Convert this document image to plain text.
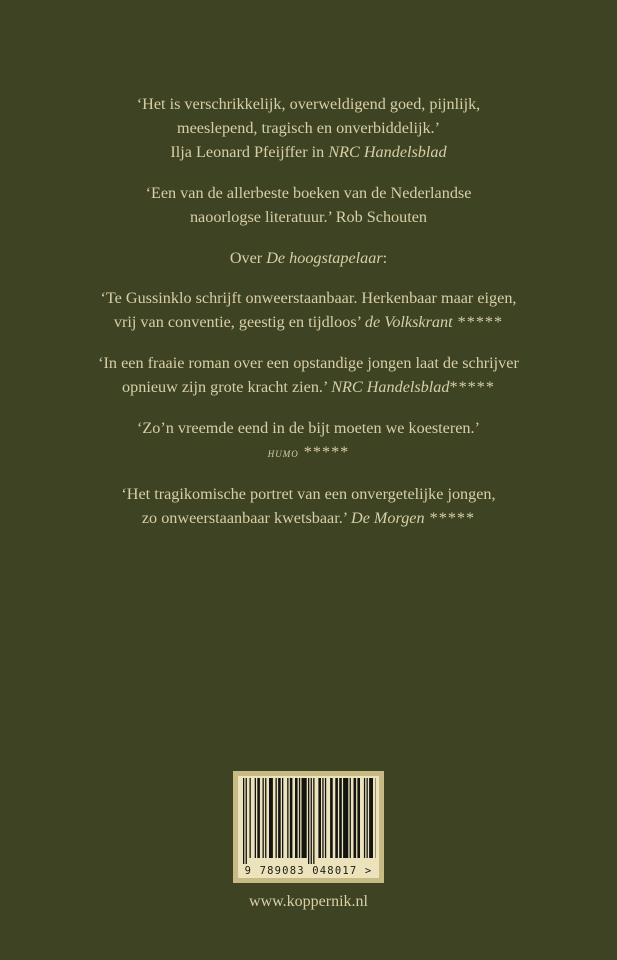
‘Het is verschrikkelijk, overweldigend goed, pijnlijk,
meeslepend, tragisch en onverbiddelijk.’
Ilja Leonard Pfeijffer in NRC Handelsblad
‘Een van de allerbeste boeken van de Nederlandse
naoorlogse literatuur.’ Rob Schouten
Over De hoogstapelaar:
‘Te Gussinklo schrijft onweerstaanbaar. Herkenbaar maar eigen,
vrij van conventie, geestig en tijdloos’ de Volkskrant *****
‘In een fraaie roman over een opstandige jongen laat de schrijver
opnieuw zijn grote kracht zien.’ NRC Handelsblad*****
‘Zo’n vreemde eend in de bijt moeten we koesteren.’
humo *****
‘Het tragikomische portret van een onvergetelijke jongen,
zo onweerstaanbaar kwetsbaar.’ De Morgen *****
9 789083 048017 >
www.koppernik.nl
